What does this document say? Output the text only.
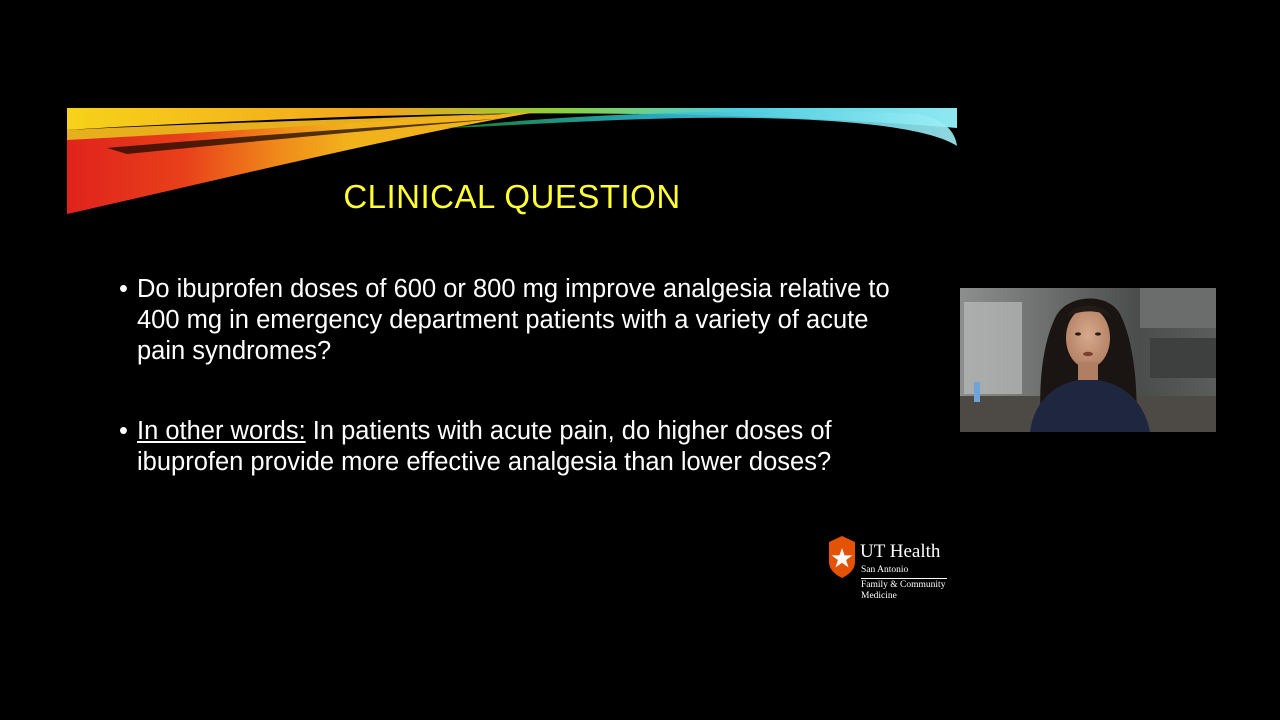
CLINICAL QUESTION
• Do ibuprofen doses of 600 or 800 mg improve analgesia relative to 400 mg in emergency department patients with a variety of acute pain syndromes?
• In other words: In patients with acute pain, do higher doses of ibuprofen provide more effective analgesia than lower doses?
UT Health
San Antonio
Family & Community
Medicine
